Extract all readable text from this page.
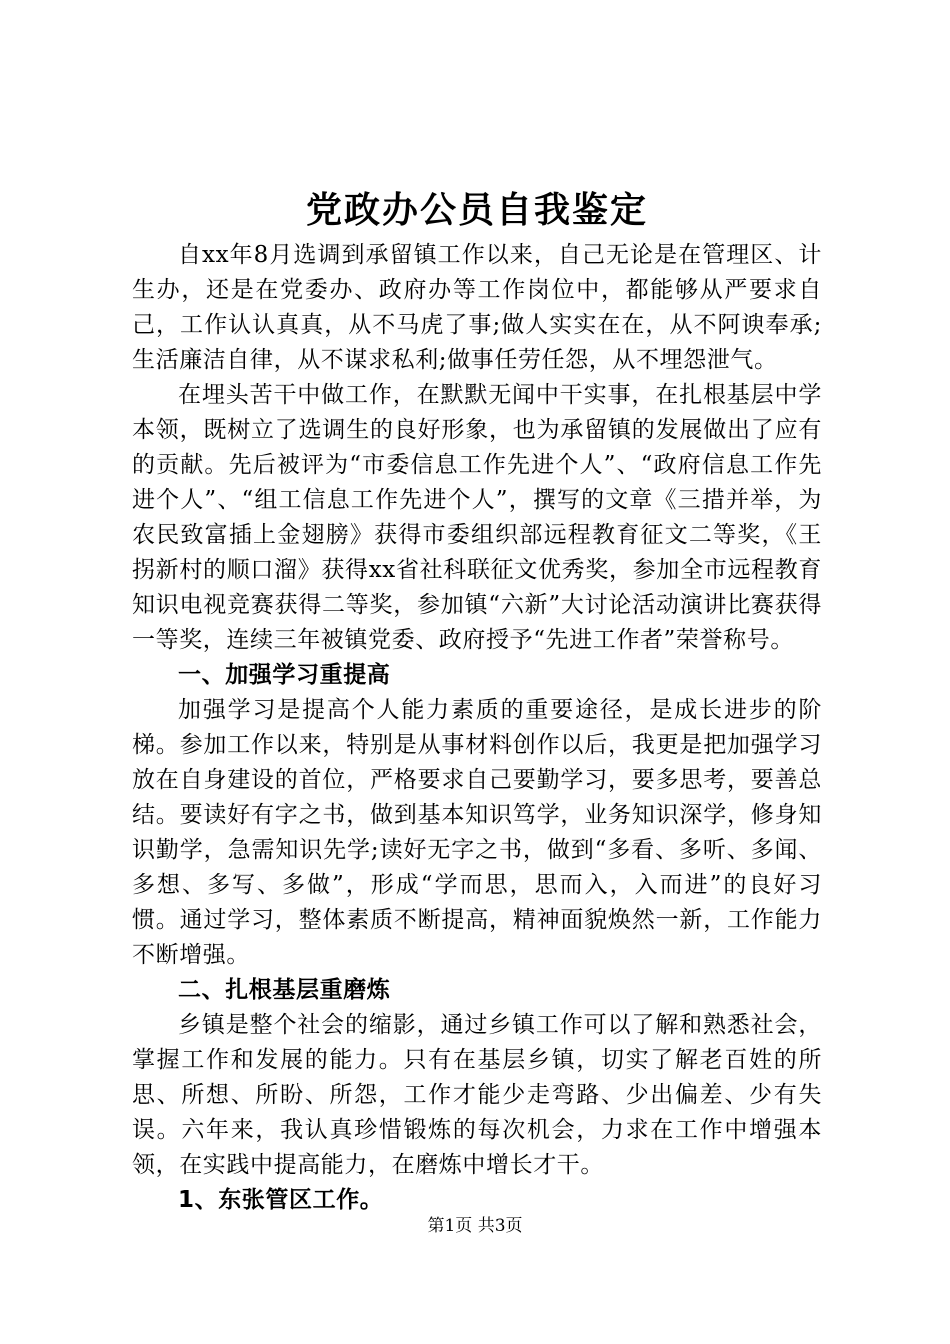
党政办公员自我鉴定

自xx年8月选调到承留镇工作以来，自己无论是在管理区、计生办，还是在党委办、政府办等工作岗位中，都能够从严要求自己，工作认认真真，从不马虎了事;做人实实在在，从不阿谀奉承;生活廉洁自律，从不谋求私利;做事任劳任怨，从不埋怨泄气。

在埋头苦干中做工作，在默默无闻中干实事，在扎根基层中学本领，既树立了选调生的良好形象，也为承留镇的发展做出了应有的贡献。先后被评为“市委信息工作先进个人”、“政府信息工作先进个人”、“组工信息工作先进个人”，撰写的文章《三措并举，为农民致富插上金翅膀》获得市委组织部远程教育征文二等奖，《王拐新村的顺口溜》获得xx省社科联征文优秀奖，参加全市远程教育知识电视竞赛获得二等奖，参加镇“六新”大讨论活动演讲比赛获得一等奖，连续三年被镇党委、政府授予“先进工作者”荣誉称号。

一、加强学习重提高

加强学习是提高个人能力素质的重要途径，是成长进步的阶梯。参加工作以来，特别是从事材料创作以后，我更是把加强学习放在自身建设的首位，严格要求自己要勤学习，要多思考，要善总结。要读好有字之书，做到基本知识笃学，业务知识深学，修身知识勤学，急需知识先学;读好无字之书，做到“多看、多听、多闻、多想、多写、多做”，形成“学而思，思而入，入而进”的良好习惯。通过学习，整体素质不断提高，精神面貌焕然一新，工作能力不断增强。

二、扎根基层重磨炼

乡镇是整个社会的缩影，通过乡镇工作可以了解和熟悉社会，掌握工作和发展的能力。只有在基层乡镇，切实了解老百姓的所思、所想、所盼、所怨，工作才能少走弯路、少出偏差、少有失误。六年来，我认真珍惜锻炼的每次机会，力求在工作中增强本领，在实践中提高能力，在磨炼中增长才干。

1、东张管区工作。

第1页 共3页
